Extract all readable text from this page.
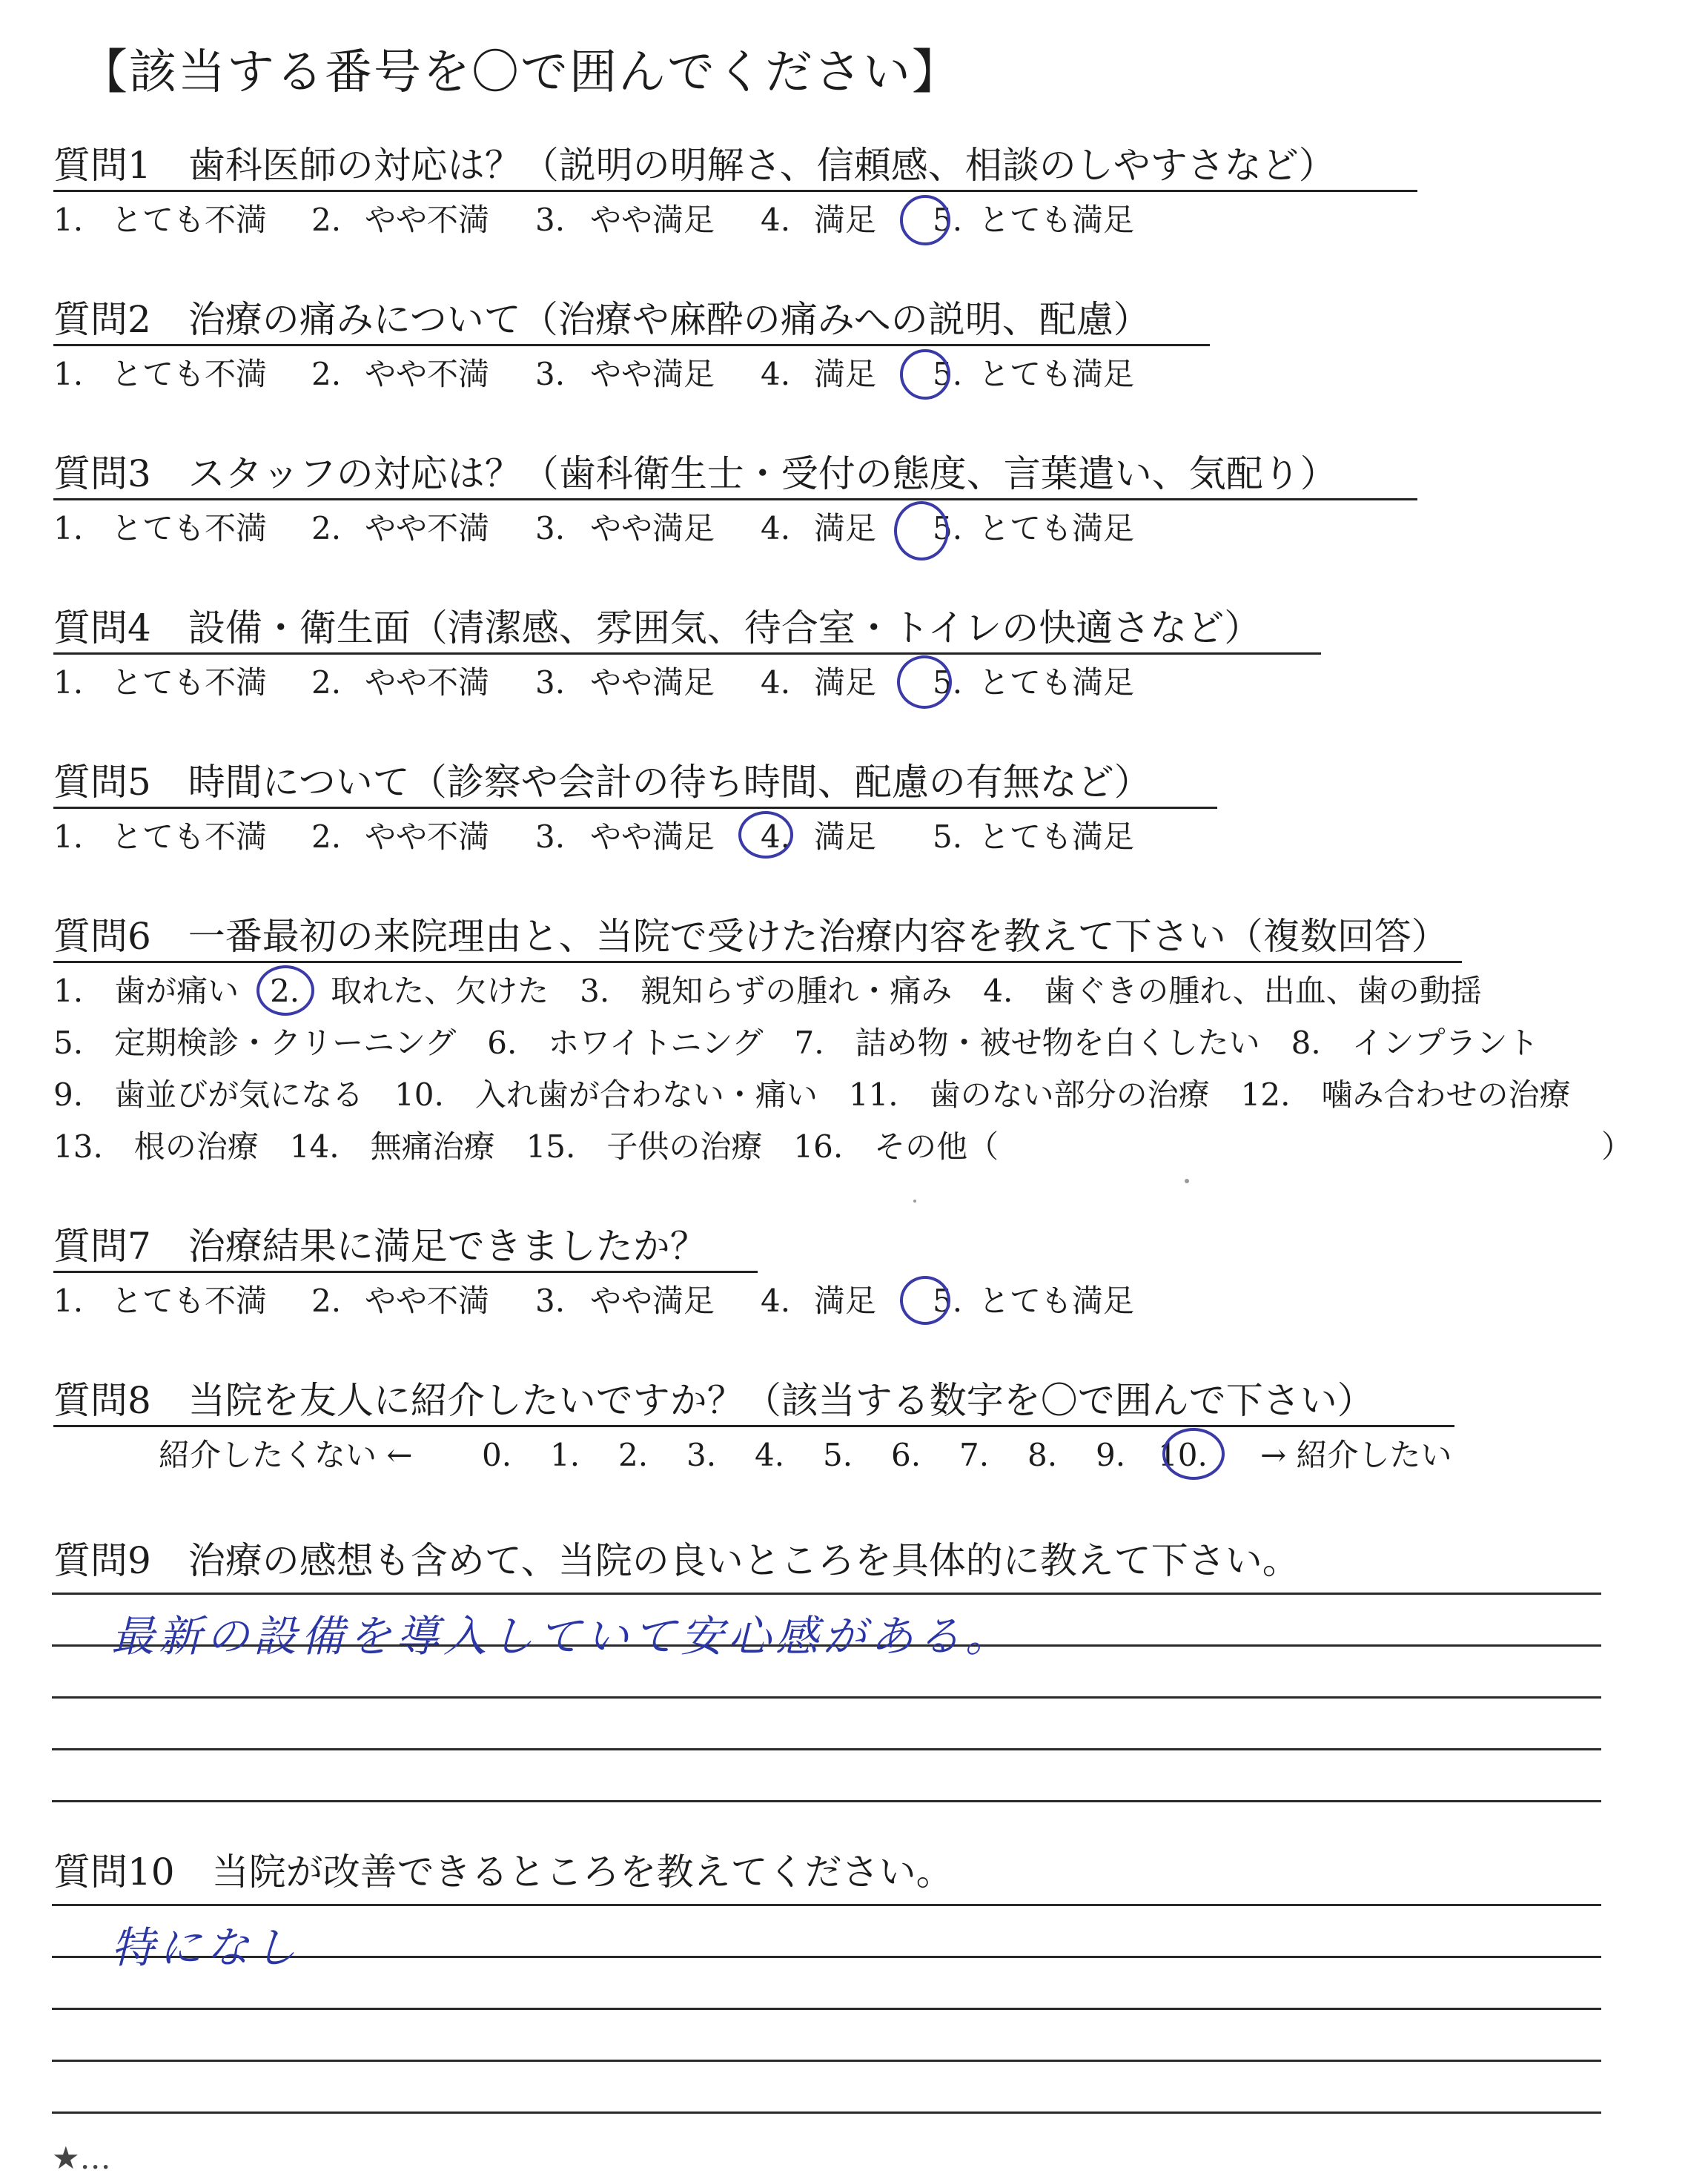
【該当する番号を〇で囲んでください】
質問1　歯科医師の対応は？（説明の明解さ、信頼感、相談のしやすさなど）
1. とても不満 2. やや不満 3. やや満足 4. 満足 5. とても満足
質問2　治療の痛みについて（治療や麻酔の痛みへの説明、配慮）
1. とても不満 2. やや不満 3. やや満足 4. 満足 5. とても満足
質問3　スタッフの対応は？（歯科衛生士・受付の態度、言葉遣い、気配り）
1. とても不満 2. やや不満 3. やや満足 4. 満足 5. とても満足
質問4　設備・衛生面（清潔感、雰囲気、待合室・トイレの快適さなど）
1. とても不満 2. やや不満 3. やや満足 4. 満足 5. とても満足
質問5　時間について（診察や会計の待ち時間、配慮の有無など）
1. とても不満 2. やや不満 3. やや満足 4. 満足 5. とても満足
質問6　一番最初の来院理由と、当院で受けた治療内容を教えて下さい（複数回答）
1.　歯が痛い　2.　取れた、欠けた　3.　親知らずの腫れ・痛み　4.　歯ぐきの腫れ、出血、歯の動揺
5.　定期検診・クリーニング　6.　ホワイトニング　7.　詰め物・被せ物を白くしたい　8.　インプラント
9.　歯並びが気になる　10.　入れ歯が合わない・痛い　11.　歯のない部分の治療　12.　噛み合わせの治療
13.　根の治療　14.　無痛治療　15.　子供の治療　16.　その他（	）
質問7　治療結果に満足できましたか？
1. とても不満 2. やや不満 3. やや満足 4. 満足 5. とても満足
質問8　当院を友人に紹介したいですか？（該当する数字を〇で囲んで下さい）
紹介したくない ← 0. 1. 2. 3. 4. 5. 6. 7. 8. 9. 10. → 紹介したい
質問9　治療の感想も含めて、当院の良いところを具体的に教えて下さい。
最新の設備を導入していて安心感がある。
質問10　当院が改善できるところを教えてください。
特になし
★…
